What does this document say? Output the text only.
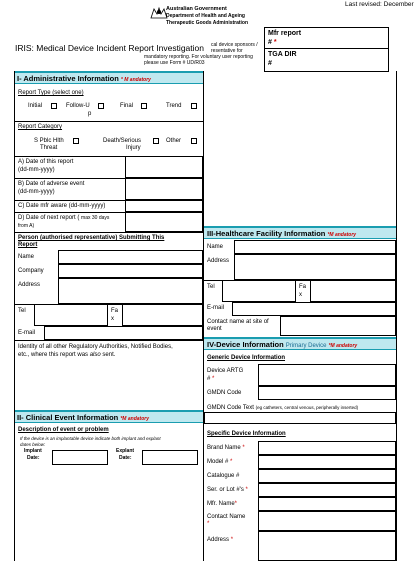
Last revised: December
Australian Government
Department of Health and Ageing
Therapeutic Goods Administration
IRIS: Medical Device Incident Report Investigation cal device sponsors /
resentative for
mandatory reporting. For voluntary user reporting
please use Form # UD/R03
Mfr report
# *
TGA DIR
#
I- Administrative Information * M andatory
Report Type (select one)
Initial	Follow-U
p
Final	Trend
Report Category
S Pblc Hlth
Threat
Death/Serious
Injury
Other
A) Date of this report
(dd-mm-yyyy)
B) Date of adverse event
(dd-mm-yyyy)
C) Date mfr aware (dd-mm-yyyy)
D) Date of next report ( max 30 days
from A)
Person (authorised representative) Submitting This
Report
Name
Company
Address
Tel	Fa
x
E-mail
Identity of all other Regulatory Authorities, Notified Bodies,
etc., where this report was also sent.
II- Clinical Event Information *M andatory
Description of event or problem
If the device is an implantable device indicate both implant and explant
dates below:
Implant
Date:
Explant
Date:
III-Healthcare Facility Information *M andatory
Name
Address
Tel	Fa
x
E-mail
Contact name at site of
event
IV-Device Information Primary Device *M andatory
Generic Device Information
Device ARTG
# *
GMDN Code
GMDN Code Text (eg catheters, central venous, peripherally inserted)
Specific Device Information
Brand Name *
Model # *
Catalogue #
Ser. or Lot #'s *
Mfr. Name*
Contact Name
*
Address *
